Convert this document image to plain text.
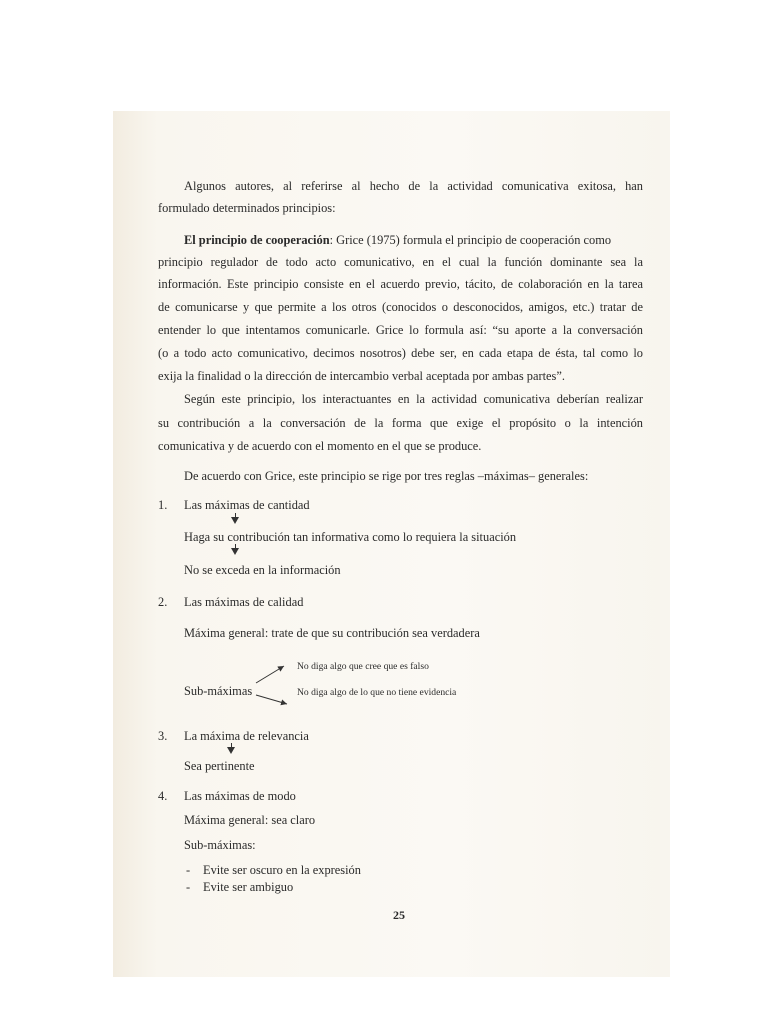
Algunos autores, al referirse al hecho de la actividad comunicativa exitosa, han
formulado determinados principios:
El principio de cooperación: Grice (1975) formula el principio de cooperación como
principio regulador de todo acto comunicativo, en el cual la función dominante sea la
información. Este principio consiste en el acuerdo previo, tácito, de colaboración en la tarea
de comunicarse y que permite a los otros (conocidos o desconocidos, amigos, etc.) tratar de
entender lo que intentamos comunicarle. Grice lo formula así: “su aporte a la conversación
(o a todo acto comunicativo, decimos nosotros) debe ser, en cada etapa de ésta, tal como lo
exija la finalidad o la dirección de intercambio verbal aceptada por ambas partes”.
Según este principio, los interactuantes en la actividad comunicativa deberían realizar
su contribución a la conversación de la forma que exige el propósito o la intención
comunicativa y de acuerdo con el momento en el que se produce.
De acuerdo con Grice, este principio se rige por tres reglas –máximas– generales:
1. Las máximas de cantidad
Haga su contribución tan informativa como lo requiera la situación
No se exceda en la información
2. Las máximas de calidad
Máxima general: trate de que su contribución sea verdadera
No diga algo que cree que es falso
Sub-máximas	No diga algo de lo que no tiene evidencia
3. La máxima de relevancia
Sea pertinente
4. Las máximas de modo
Máxima general: sea claro
Sub-máximas:
- Evite ser oscuro en la expresión
- Evite ser ambiguo
25
